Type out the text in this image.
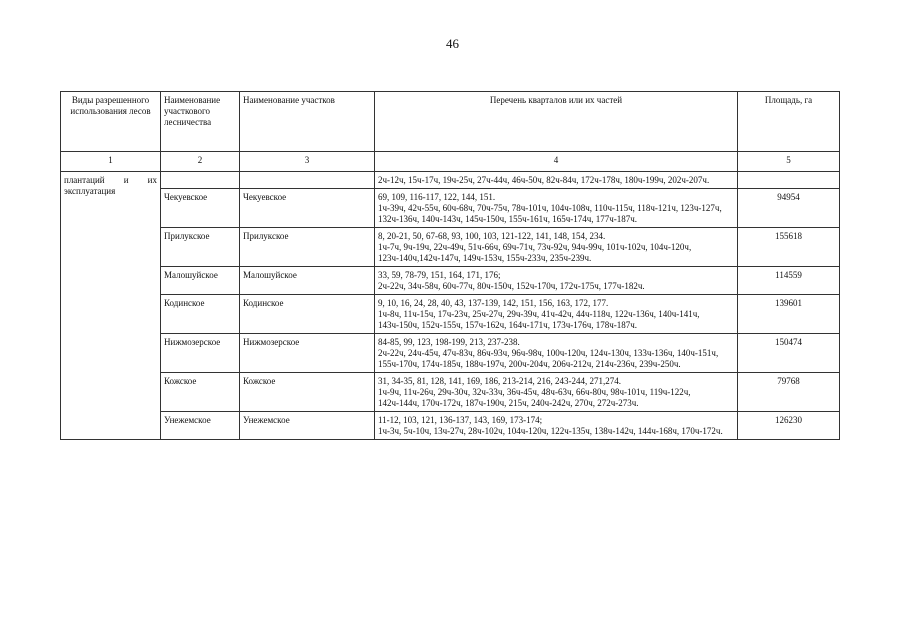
46
Виды разрешенного использования лесов	Наименование участкового лесничества	Наименование участков	Перечень кварталов или их частей	Площадь, га
1	2	3	4	5
плантаций и их эксплуатация			2ч-12ч, 15ч-17ч, 19ч-25ч, 27ч-44ч, 46ч-50ч, 82ч-84ч, 172ч-178ч, 180ч-199ч, 202ч-207ч.	
	Чекуевское	Чекуевское	69, 109, 116-117, 122, 144, 151.
1ч-39ч, 42ч-55ч, 60ч-68ч, 70ч-75ч, 78ч-101ч, 104ч-108ч, 110ч-115ч, 118ч-121ч, 123ч-127ч, 132ч-136ч, 140ч-143ч, 145ч-150ч, 155ч-161ч, 165ч-174ч, 177ч-187ч.	94954
	Прилукское	Прилукское	8, 20-21, 50, 67-68, 93, 100, 103, 121-122, 141, 148, 154, 234.
1ч-7ч, 9ч-19ч, 22ч-49ч, 51ч-66ч, 69ч-71ч, 73ч-92ч, 94ч-99ч, 101ч-102ч, 104ч-120ч, 123ч-140ч,142ч-147ч, 149ч-153ч, 155ч-233ч, 235ч-239ч.	155618
	Малошуйское	Малошуйское	33, 59, 78-79, 151, 164, 171, 176;
2ч-22ч, 34ч-58ч, 60ч-77ч, 80ч-150ч, 152ч-170ч, 172ч-175ч, 177ч-182ч.	114559
	Кодинское	Кодинское	9, 10, 16, 24, 28, 40, 43, 137-139, 142, 151, 156, 163, 172, 177.
1ч-8ч, 11ч-15ч, 17ч-23ч, 25ч-27ч, 29ч-39ч, 41ч-42ч, 44ч-118ч, 122ч-136ч, 140ч-141ч, 143ч-150ч, 152ч-155ч, 157ч-162ч, 164ч-171ч, 173ч-176ч, 178ч-187ч.	139601
	Нижмозерское	Нижмозерское	84-85, 99, 123, 198-199, 213, 237-238.
2ч-22ч, 24ч-45ч, 47ч-83ч, 86ч-93ч, 96ч-98ч, 100ч-120ч, 124ч-130ч, 133ч-136ч, 140ч-151ч, 155ч-170ч, 174ч-185ч, 188ч-197ч, 200ч-204ч, 206ч-212ч, 214ч-236ч, 239ч-250ч.	150474
	Кожское	Кожское	31, 34-35, 81, 128, 141, 169, 186, 213-214, 216, 243-244, 271,274.
1ч-9ч, 11ч-26ч, 29ч-30ч, 32ч-33ч, 36ч-45ч, 48ч-63ч, 66ч-80ч, 98ч-101ч, 119ч-122ч, 142ч-144ч, 170ч-172ч, 187ч-190ч, 215ч, 240ч-242ч, 270ч, 272ч-273ч.	79768
	Унежемское	Унежемское	11-12, 103, 121, 136-137, 143, 169, 173-174;
1ч-3ч, 5ч-10ч, 13ч-27ч, 28ч-102ч, 104ч-120ч, 122ч-135ч, 138ч-142ч, 144ч-168ч, 170ч-172ч.	126230
